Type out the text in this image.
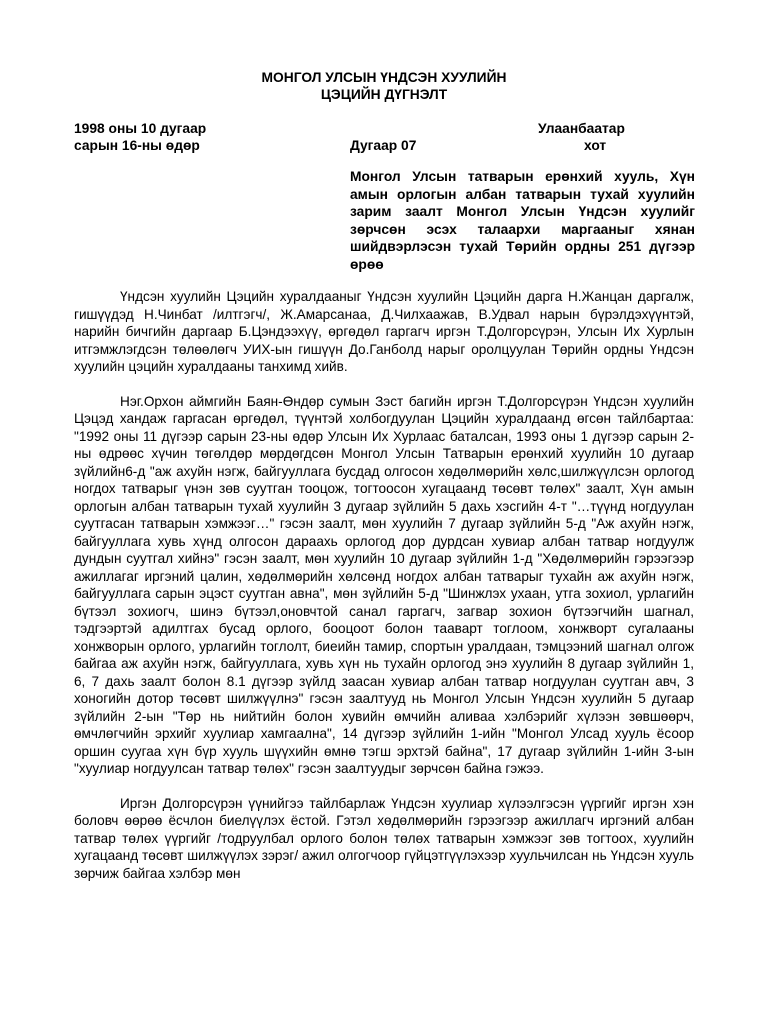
МОНГОЛ УЛСЫН ҮНДСЭН ХУУЛИЙН
ЦЭЦИЙН ДҮГНЭЛТ
1998 оны 10 дугаар
сарын 16-ны өдөр	Дугаар 07
Улаанбаатар
хот
Монгол Улсын татварын ерөнхий хууль, Хүн амын орлогын албан татварын тухай хуулийн зарим заалт Монгол Улсын Үндсэн хуулийг зөрчсөн эсэх талаархи маргааныг хянан шийдвэрлэсэн тухай Төрийн ордны 251 дүгээр өрөө

Үндсэн хуулийн Цэцийн хуралдааныг Үндсэн хуулийн Цэцийн дарга Н.Жанцан даргалж, гишүүдэд Н.Чинбат /илтгэгч/, Ж.Амарсанаа, Д.Чилхаажав, В.Удвал нарын бүрэлдэхүүнтэй, нарийн бичгийн даргаар Б.Цэндээхүү, өргөдөл гаргагч иргэн Т.Долгорсүрэн, Улсын Их Хурлын итгэмжлэгдсэн төлөөлөгч УИХ-ын гишүүн До.Ганболд нарыг оролцуулан Төрийн ордны Үндсэн хуулийн цэцийн хуралдааны танхимд хийв.

Нэг.Орхон аймгийн Баян-Өндөр сумын Зэст багийн иргэн Т.Долгорсүрэн Үндсэн хуулийн Цэцэд хандаж гаргасан өргөдөл, түүнтэй холбогдуулан Цэцийн хуралдаанд өгсөн тайлбартаа: "1992 оны 11 дүгээр сарын 23-ны өдөр Улсын Их Хурлаас баталсан, 1993 оны 1 дүгээр сарын 2-ны өдрөөс хүчин төгөлдөр мөрдөгдсөн Монгол Улсын Татварын ерөнхий хуулийн 10 дугаар зүйлийн6-д "аж ахуйн нэгж, байгууллага бусдад олгосон хөдөлмөрийн хөлс,шилжүүлсэн орлогод ногдох татварыг үнэн зөв суутган тооцож, тогтоосон хугацаанд төсөвт төлөх" заалт, Хүн амын орлогын албан татварын тухай хуулийн 3 дугаар зүйлийн 5 дахь хэсгийн 4-т "…түүнд ногдуулан суутгасан татварын хэмжээг…" гэсэн заалт, мөн хуулийн 7 дугаар зүйлийн 5-д "Аж ахуйн нэгж, байгууллага хувь хүнд олгосон дараахь орлогод дор дурдсан хувиар албан татвар ногдуулж дундын суутгал хийнэ" гэсэн заалт, мөн хуулийн 10 дугаар зүйлийн 1-д "Хөдөлмөрийн гэрээгээр ажиллагаг иргэний цалин, хөдөлмөрийн хөлсөнд ногдох албан татварыг тухайн аж ахуйн нэгж, байгууллага сарын эцэст суутган авна", мөн зүйлийн 5-д "Шинжлэх ухаан, утга зохиол, урлагийн бүтээл зохиогч, шинэ бүтээл,оновчтой санал гаргагч, загвар зохион бүтээгчийн шагнал, тэдгээртэй адилтгах бусад орлого, бооцоот болон тааварт тоглоом, хонжворт сугалааны хонжворын орлого, урлагийн тоглолт, биеийн тамир, спортын уралдаан, тэмцээний шагнал олгож байгаа аж ахуйн нэгж, байгууллага, хувь хүн нь тухайн орлогод энэ хуулийн 8 дугаар зүйлийн 1, 6, 7 дахь заалт болон 8.1 дүгээр зүйлд заасан хувиар албан татвар ногдуулан суутган авч, 3 хоногийн дотор төсөвт шилжүүлнэ" гэсэн заалтууд нь Монгол Улсын Үндсэн хуулийн 5 дугаар зүйлийн 2-ын "Төр нь нийтийн болон хувийн өмчийн аливаа хэлбэрийг хүлээн зөвшөөрч, өмчлөгчийн эрхийг хуулиар хамгаална", 14 дүгээр зүйлийн 1-ийн "Монгол Улсад хууль ёсоор оршин суугаа хүн бүр хууль шүүхийн өмнө тэгш эрхтэй байна", 17 дугаар зүйлийн 1-ийн 3-ын "хуулиар ногдуулсан татвар төлөх" гэсэн заалтуудыг зөрчсөн байна гэжээ.

Иргэн Долгорсүрэн үүнийгээ тайлбарлаж Үндсэн хуулиар хүлээлгэсэн үүргийг иргэн хэн боловч өөрөө ёсчлон биелүүлэх ёстой. Гэтэл хөдөлмөрийн гэрээгээр ажиллагч иргэний албан татвар төлөх үүргийг /тодруулбал орлого болон төлөх татварын хэмжээг зөв тогтоох, хуулийн хугацаанд төсөвт шилжүүлэх зэрэг/ ажил олгогчоор гүйцэтгүүлэхээр хуульчилсан нь Үндсэн хууль зөрчиж байгаа хэлбэр мөн
